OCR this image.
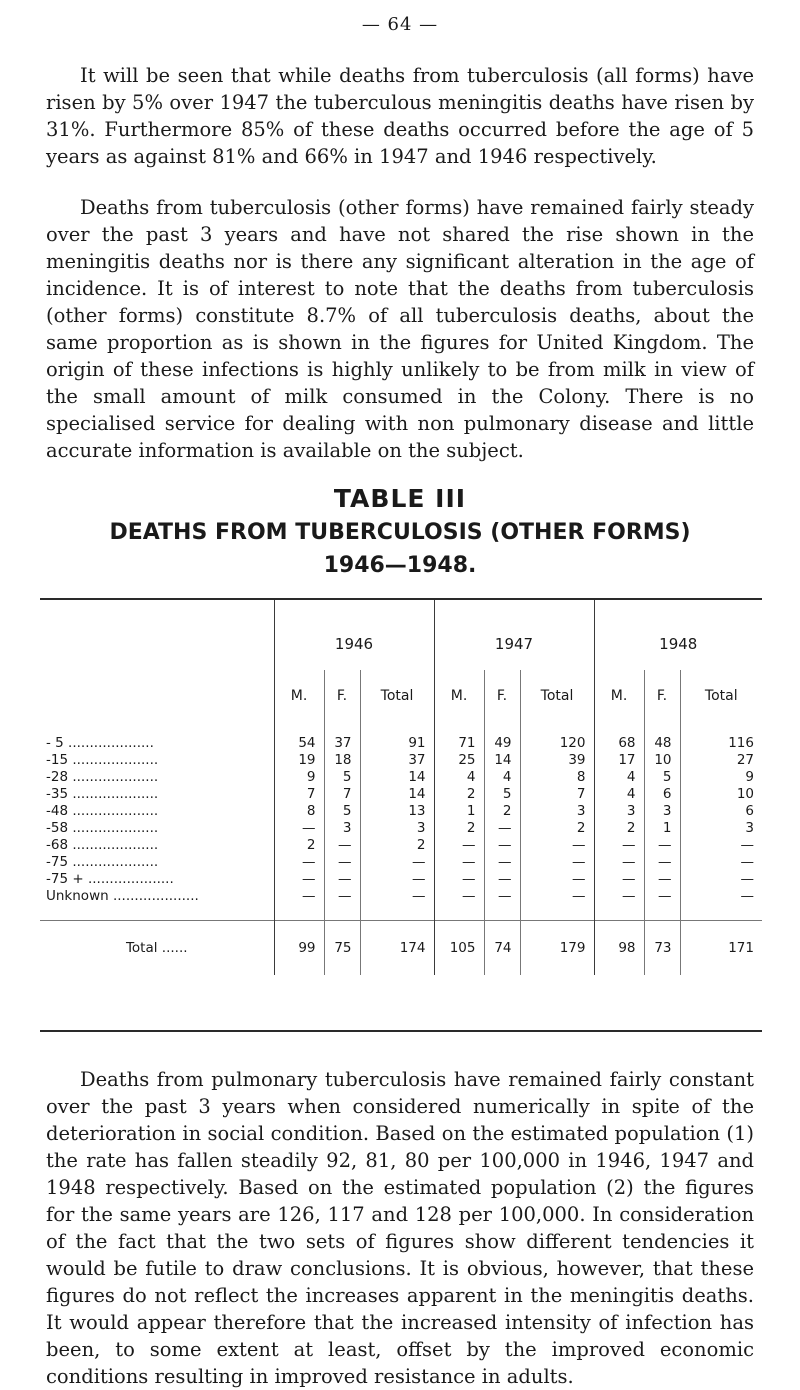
— 64 —

It will be seen that while deaths from tuberculosis (all forms) have risen by 5% over 1947 the tuberculous meningitis deaths have risen by 31%. Furthermore 85% of these deaths occurred before the age of 5 years as against 81% and 66% in 1947 and 1946 respectively.

Deaths from tuberculosis (other forms) have remained fairly steady over the past 3 years and have not shared the rise shown in the meningitis deaths nor is there any significant alteration in the age of incidence. It is of interest to note that the deaths from tuberculosis (other forms) constitute 8.7% of all tuberculosis deaths, about the same proportion as is shown in the figures for United Kingdom. The origin of these infections is highly unlikely to be from milk in view of the small amount of milk consumed in the Colony. There is no specialised service for dealing with non pulmonary disease and little accurate information is available on the subject.

TABLE III
DEATHS FROM TUBERCULOSIS (OTHER FORMS)
1946—1948.
	1946			1947			1948		
	M.	F.	Total	M.	F.	Total	M.	F.	Total
- 5 ....................	54	37	91	71	49	120	68	48	116
-15 ....................	19	18	37	25	14	39	17	10	27
-28 ....................	9	5	14	4	4	8	4	5	9
-35 ....................	7	7	14	2	5	7	4	6	10
-48 ....................	8	5	13	1	2	3	3	3	6
-58 ....................	—	3	3	2	—	2	2	1	3
-68 ....................	2	—	2	—	—	—	—	—	—
-75 ....................	—	—	—	—	—	—	—	—	—
-75 + ....................	—	—	—	—	—	—	—	—	—
Unknown ....................	—	—	—	—	—	—	—	—	—
Total ......	99	75	174	105	74	179	98	73	171

Deaths from pulmonary tuberculosis have remained fairly constant over the past 3 years when considered numerically in spite of the deterioration in social condition. Based on the estimated population (1) the rate has fallen steadily 92, 81, 80 per 100,000 in 1946, 1947 and 1948 respectively. Based on the estimated population (2) the figures for the same years are 126, 117 and 128 per 100,000. In consideration of the fact that the two sets of figures show different tendencies it would be futile to draw conclusions. It is obvious, however, that these figures do not reflect the increases apparent in the meningitis deaths. It would appear therefore that the increased intensity of infection has been, to some extent at least, offset by the improved economic conditions resulting in improved resistance in adults.
